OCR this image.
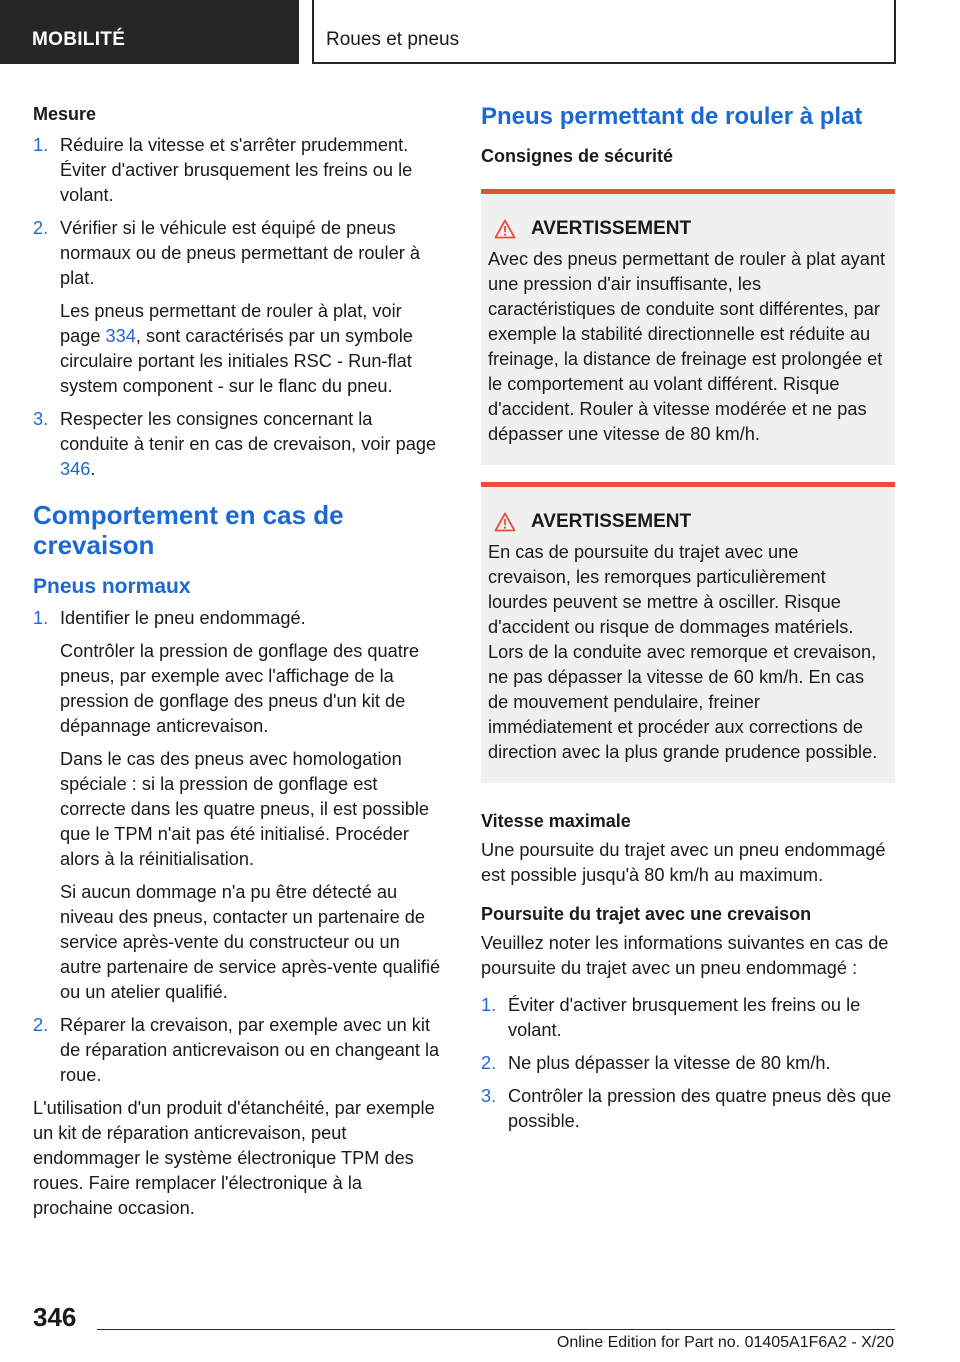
MOBILITÉ	Roues et pneus
Mesure
1. Réduire la vitesse et s'arrêter prudemment. Éviter d'activer brusquement les freins ou le volant.

2. Vérifier si le véhicule est équipé de pneus normaux ou de pneus permettant de rouler à plat.

Les pneus permettant de rouler à plat, voir page 334, sont caractérisés par un symbole circulaire portant les initiales RSC - Run-flat system component - sur le flanc du pneu.

3. Respecter les consignes concernant la conduite à tenir en cas de crevaison, voir page 346.

Comportement en cas de crevaison
Pneus normaux
1. Identifier le pneu endommagé.

Contrôler la pression de gonflage des quatre pneus, par exemple avec l'affichage de la pression de gonflage des pneus d'un kit de dépannage anticrevaison.

Dans le cas des pneus avec homologation spéciale : si la pression de gonflage est correcte dans les quatre pneus, il est possible que le TPM n'ait pas été initialisé. Procéder alors à la réinitialisation.

Si aucun dommage n'a pu être détecté au niveau des pneus, contacter un partenaire de service après-vente du constructeur ou un autre partenaire de service après-vente qualifié ou un atelier qualifié.

2. Réparer la crevaison, par exemple avec un kit de réparation anticrevaison ou en changeant la roue.

L'utilisation d'un produit d'étanchéité, par exemple un kit de réparation anticrevaison, peut endommager le système électronique TPM des roues. Faire remplacer l'électronique à la prochaine occasion.

Pneus permettant de rouler à plat
Consignes de sécurité
AVERTISSEMENT

Avec des pneus permettant de rouler à plat ayant une pression d'air insuffisante, les caractéristiques de conduite sont différentes, par exemple la stabilité directionnelle est réduite au freinage, la distance de freinage est prolongée et le comportement au volant différent. Risque d'accident. Rouler à vitesse modérée et ne pas dépasser une vitesse de 80 km/h.

AVERTISSEMENT

En cas de poursuite du trajet avec une crevaison, les remorques particulièrement lourdes peuvent se mettre à osciller. Risque d'accident ou risque de dommages matériels. Lors de la conduite avec remorque et crevaison, ne pas dépasser la vitesse de 60 km/h. En cas de mouvement pendulaire, freiner immédiatement et procéder aux corrections de direction avec la plus grande prudence possible.

Vitesse maximale

Une poursuite du trajet avec un pneu endommagé est possible jusqu'à 80 km/h au maximum.

Poursuite du trajet avec une crevaison

Veuillez noter les informations suivantes en cas de poursuite du trajet avec un pneu endommagé :

1. Éviter d'activer brusquement les freins ou le volant.

2. Ne plus dépasser la vitesse de 80 km/h.

3. Contrôler la pression des quatre pneus dès que possible.

346
Online Edition for Part no. 01405A1F6A2 - X/20
